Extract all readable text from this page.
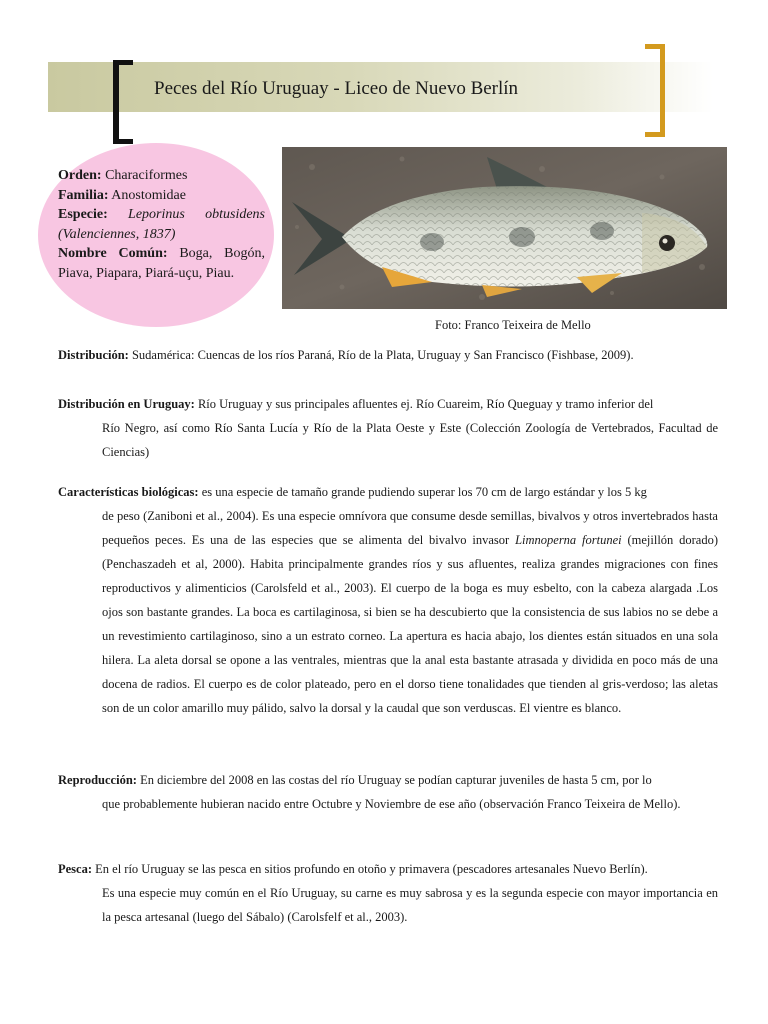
Peces del Río Uruguay - Liceo de Nuevo Berlín
Orden: Characiformes
Familia: Anostomidae
Especie: Leporinus obtusidens (Valenciennes, 1837)
Nombre Común: Boga, Bogón, Piava, Piapara, Piará-uçu, Piau.
Foto: Franco Teixeira de Mello
Distribución: Sudamérica: Cuencas de los ríos Paraná, Río de la Plata, Uruguay y San Francisco (Fishbase, 2009).
Distribución en Uruguay: Río Uruguay y sus principales afluentes ej. Río Cuareim, Río Queguay y tramo inferior del
Río Negro, así como Río Santa Lucía y Río de la Plata Oeste y Este (Colección Zoología de Vertebrados, Facultad de Ciencias)
Características biológicas: es una especie de tamaño grande pudiendo superar los 70 cm de largo estándar y los 5 kg
de peso (Zaniboni et al., 2004). Es una especie omnívora que consume desde semillas, bivalvos y otros invertebrados hasta pequeños peces. Es una de las especies que se alimenta del bivalvo invasor Limnoperna fortunei (mejillón dorado) (Penchaszadeh et al, 2000). Habita principalmente grandes ríos y sus afluentes, realiza grandes migraciones con fines reproductivos y alimenticios (Carolsfeld et al., 2003). El cuerpo de la boga es muy esbelto, con la cabeza alargada .Los ojos son bastante grandes. La boca es cartilaginosa, si bien se ha descubierto que la consistencia de sus labios no se debe a un revestimiento cartilaginoso, sino a un estrato corneo. La apertura es hacia abajo, los dientes están situados en una sola hilera. La aleta dorsal se opone a las ventrales, mientras que la anal esta bastante atrasada y dividida en poco más de una docena de radios. El cuerpo es de color plateado, pero en el dorso tiene tonalidades que tienden al gris-verdoso; las aletas son de un color amarillo muy pálido, salvo la dorsal y la caudal que son verduscas. El vientre es blanco.
Reproducción: En diciembre del 2008 en las costas del río Uruguay se podían capturar juveniles de hasta 5 cm, por lo
que probablemente hubieran nacido entre Octubre y Noviembre de ese año (observación Franco Teixeira de Mello).
Pesca: En el río Uruguay se las pesca en sitios profundo en otoño y primavera (pescadores artesanales Nuevo Berlín).
Es una especie muy común en el Río Uruguay, su carne es muy sabrosa y es la segunda especie con mayor importancia en la pesca artesanal (luego del Sábalo) (Carolsfelf et al., 2003).
